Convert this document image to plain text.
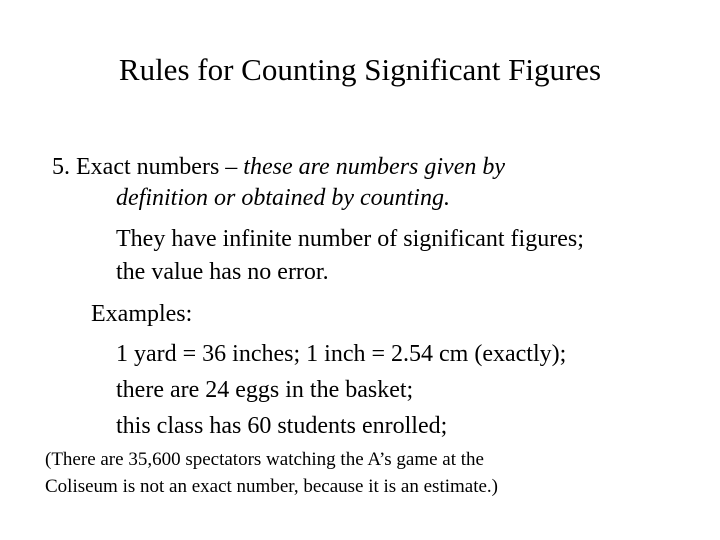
Rules for Counting Significant Figures
5. Exact numbers – these are numbers given by
definition or obtained by counting.
They have infinite number of significant figures;
the value has no error.
Examples:
1 yard = 36 inches; 1 inch = 2.54 cm (exactly);
there are 24 eggs in the basket;
this class has 60 students enrolled;
(There are 35,600 spectators watching the A’s game at the
Coliseum is not an exact number, because it is an estimate.)
